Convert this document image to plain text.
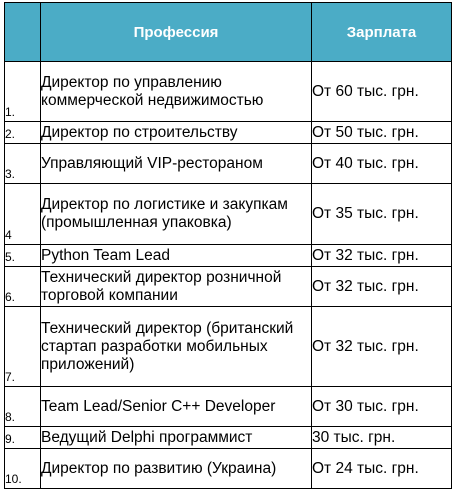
	Профессия	Зарплата
1.	Директор по управлению коммерческой недвижимостью	От 60 тыс. грн.
2.	Директор по строительству	От 50 тыс. грн.
3.	Управляющий VIP-рестораном	От 40 тыс. грн.
4	Директор по логистике и закупкам (промышленная упаковка)	От 35 тыс. грн.
5.	Python Team Lead	От 32 тыс. грн.
6.	Технический директор розничной торговой компании	От 32 тыс. грн.
7.	Технический директор (британский стартап разработки мобильных приложений)	От 32 тыс. грн.
8.	Team Lead/Senior C++ Developer	От 30 тыс. грн.
9.	Ведущий Delphi программист	30 тыс. грн.
10.	Директор по развитию (Украина)	От 24 тыс. грн.
